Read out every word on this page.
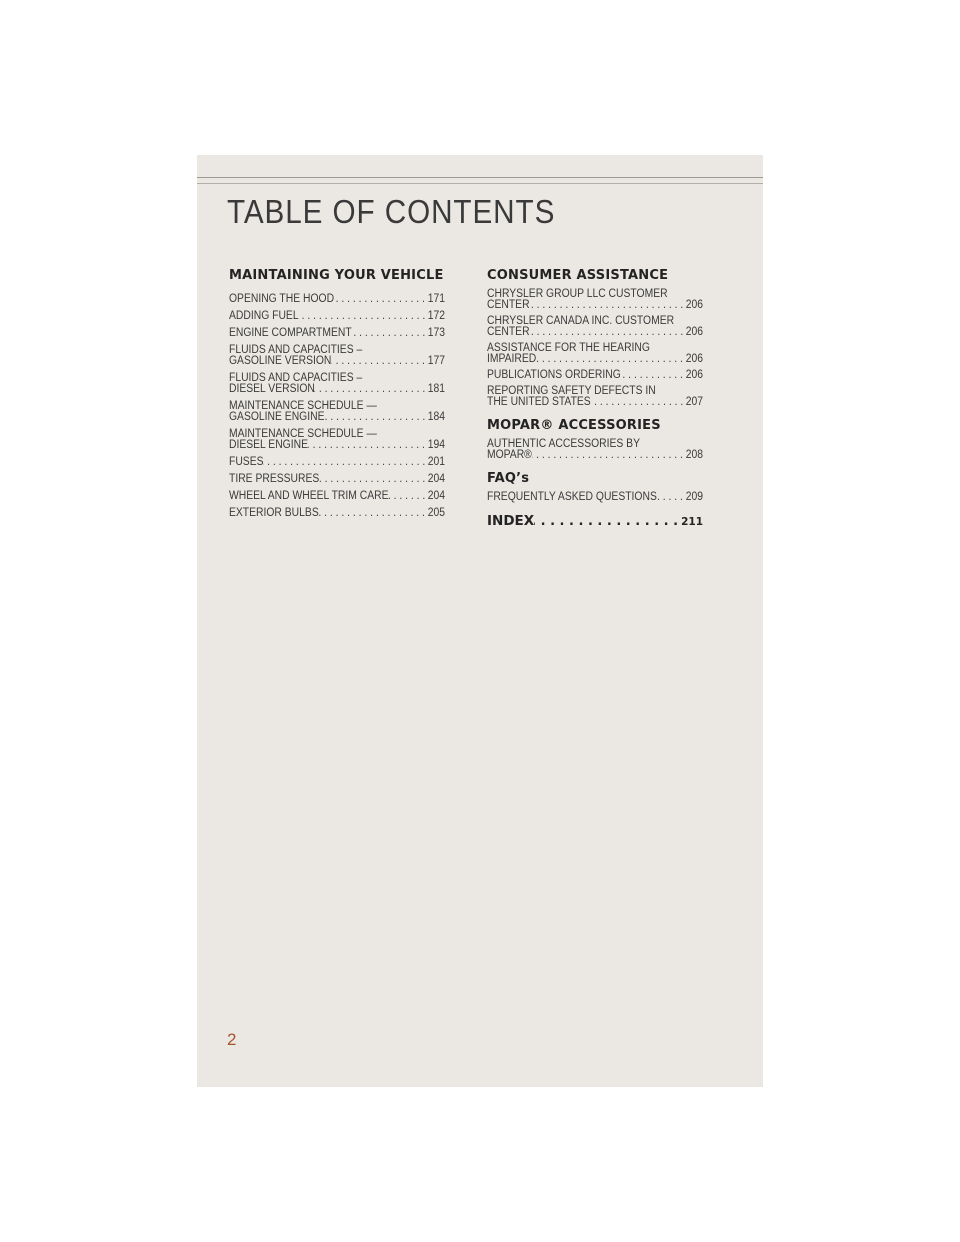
TABLE OF CONTENTS
MAINTAINING YOUR VEHICLE
OPENING THE HOOD . . .	171
ADDING FUEL . . .	172
ENGINE COMPARTMENT . . .	173
FLUIDS AND CAPACITIES –
GASOLINE VERSION . . .	177
FLUIDS AND CAPACITIES –
DIESEL VERSION . . .	181
MAINTENANCE SCHEDULE —
GASOLINE ENGINE . . .	184
MAINTENANCE SCHEDULE —
DIESEL ENGINE . . .	194
FUSES . . .	201
TIRE PRESSURES . . .	204
WHEEL AND WHEEL TRIM CARE . . .	204
EXTERIOR BULBS . . .	205
CONSUMER ASSISTANCE
CHRYSLER GROUP LLC CUSTOMER
CENTER . . .	206
CHRYSLER CANADA INC. CUSTOMER
CENTER . . .	206
ASSISTANCE FOR THE HEARING
IMPAIRED . . .	206
PUBLICATIONS ORDERING . . .	206
REPORTING SAFETY DEFECTS IN
THE UNITED STATES . . .	207
MOPAR® ACCESSORIES
AUTHENTIC ACCESSORIES BY
MOPAR® . . .	208
FAQ’s
FREQUENTLY ASKED QUESTIONS . . .	209
INDEX . . .	211
2
